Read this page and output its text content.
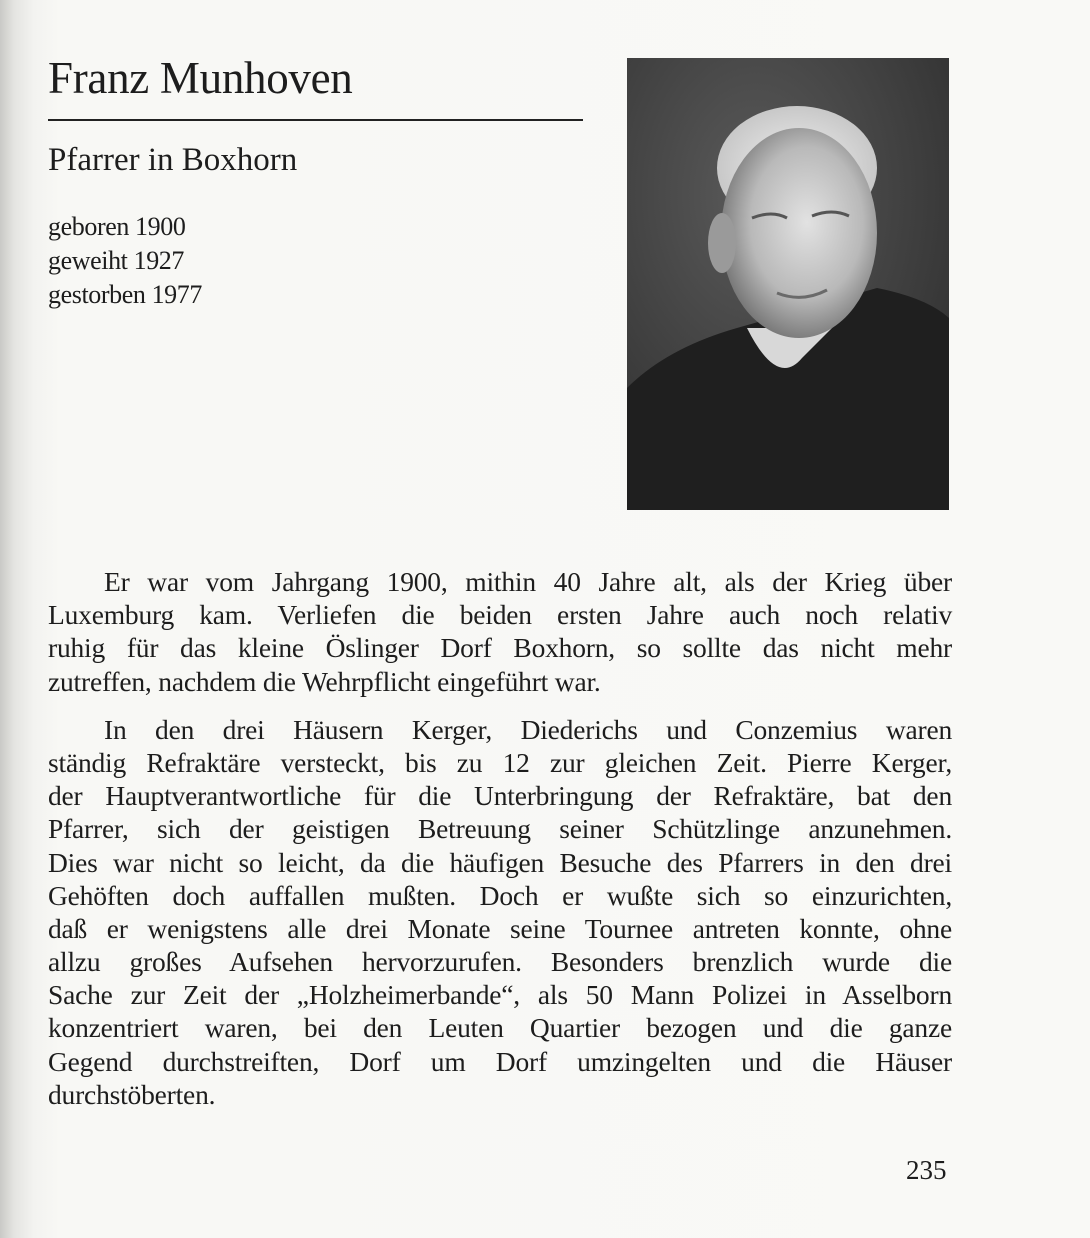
Franz Munhoven
Pfarrer in Boxhorn
geboren 1900
geweiht 1927
gestorben 1977
Er war vom Jahrgang 1900, mithin 40 Jahre alt, als der Krieg über
Luxemburg kam. Verliefen die beiden ersten Jahre auch noch relativ
ruhig für das kleine Öslinger Dorf Boxhorn, so sollte das nicht mehr
zutreffen, nachdem die Wehrpflicht eingeführt war.
In den drei Häusern Kerger, Diederichs und Conzemius waren
ständig Refraktäre versteckt, bis zu 12 zur gleichen Zeit. Pierre Kerger,
der Hauptverantwortliche für die Unterbringung der Refraktäre, bat den
Pfarrer, sich der geistigen Betreuung seiner Schützlinge anzunehmen.
Dies war nicht so leicht, da die häufigen Besuche des Pfarrers in den drei
Gehöften doch auffallen mußten. Doch er wußte sich so einzurichten,
daß er wenigstens alle drei Monate seine Tournee antreten konnte, ohne
allzu großes Aufsehen hervorzurufen. Besonders brenzlich wurde die
Sache zur Zeit der „Holzheimerbande“, als 50 Mann Polizei in Asselborn
konzentriert waren, bei den Leuten Quartier bezogen und die ganze
Gegend durchstreiften, Dorf um Dorf umzingelten und die Häuser
durchstöberten.
235
